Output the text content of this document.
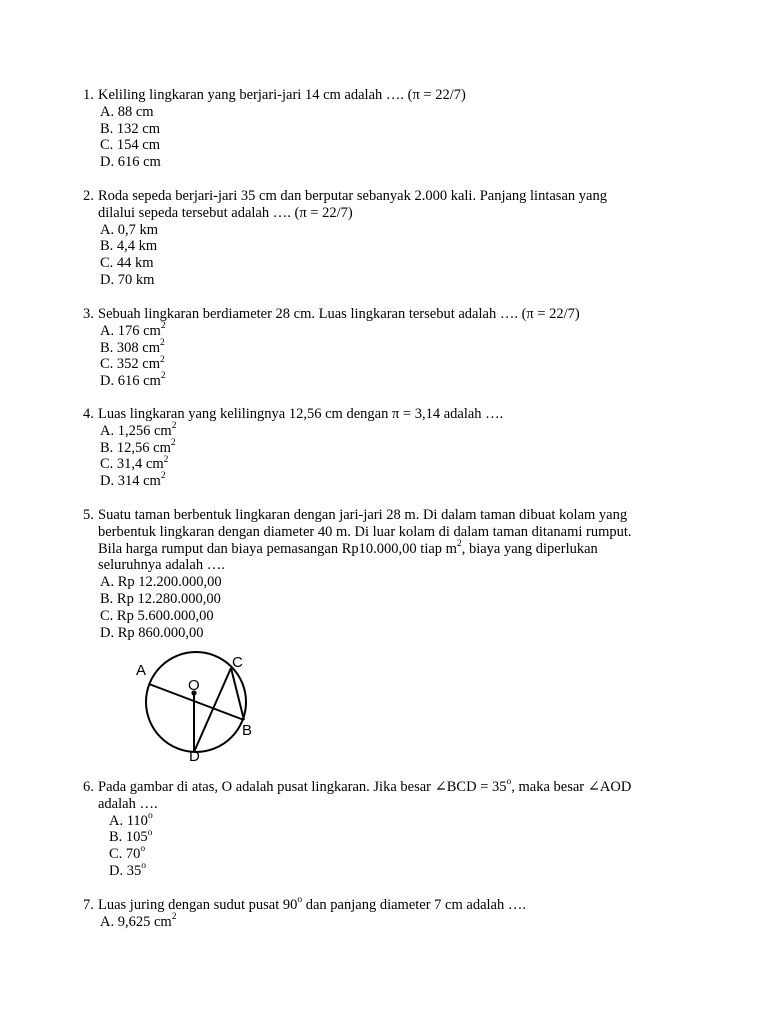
1. Keliling lingkaran yang berjari-jari 14 cm adalah …. (π = 22/7)
A. 88 cm
B. 132 cm
C. 154 cm
D. 616 cm
2. Roda sepeda berjari-jari 35 cm dan berputar sebanyak 2.000 kali. Panjang lintasan yang
dilalui sepeda tersebut adalah …. (π = 22/7)
A. 0,7 km
B. 4,4 km
C. 44 km
D. 70 km
3. Sebuah lingkaran berdiameter 28 cm. Luas lingkaran tersebut adalah …. (π = 22/7)
A. 176 $cm^2$
B. 308 $cm^2$
C. 352 $cm^2$
D. 616 $cm^2$
4. Luas lingkaran yang kelilingnya 12,56 cm dengan π = 3,14 adalah ….
A. 1,256 $cm^2$
B. 12,56 $cm^2$
C. 31,4 $cm^2$
D. 314 $cm^2$
5. Suatu taman berbentuk lingkaran dengan jari-jari 28 m. Di dalam taman dibuat kolam yang
berbentuk lingkaran dengan diameter 40 m. Di luar kolam di dalam taman ditanami rumput.
Bila harga rumput dan biaya pemasangan Rp10.000,00 tiap $m^2$, biaya yang diperlukan
seluruhnya adalah ….
A. Rp 12.200.000,00
B. Rp 12.280.000,00
C. Rp 5.600.000,00
D. Rp 860.000,00
A
O
C
B
D
6. Pada gambar di atas, O adalah pusat lingkaran. Jika besar ∠BCD = $35^o$, maka besar ∠AOD
adalah ….
A. 110$^o$
B. 105$^o$
C. 70$^o$
D. 35$^o$
7. Luas juring dengan sudut pusat 90$^o$ dan panjang diameter 7 cm adalah ….
A. 9,625 $cm^2$
